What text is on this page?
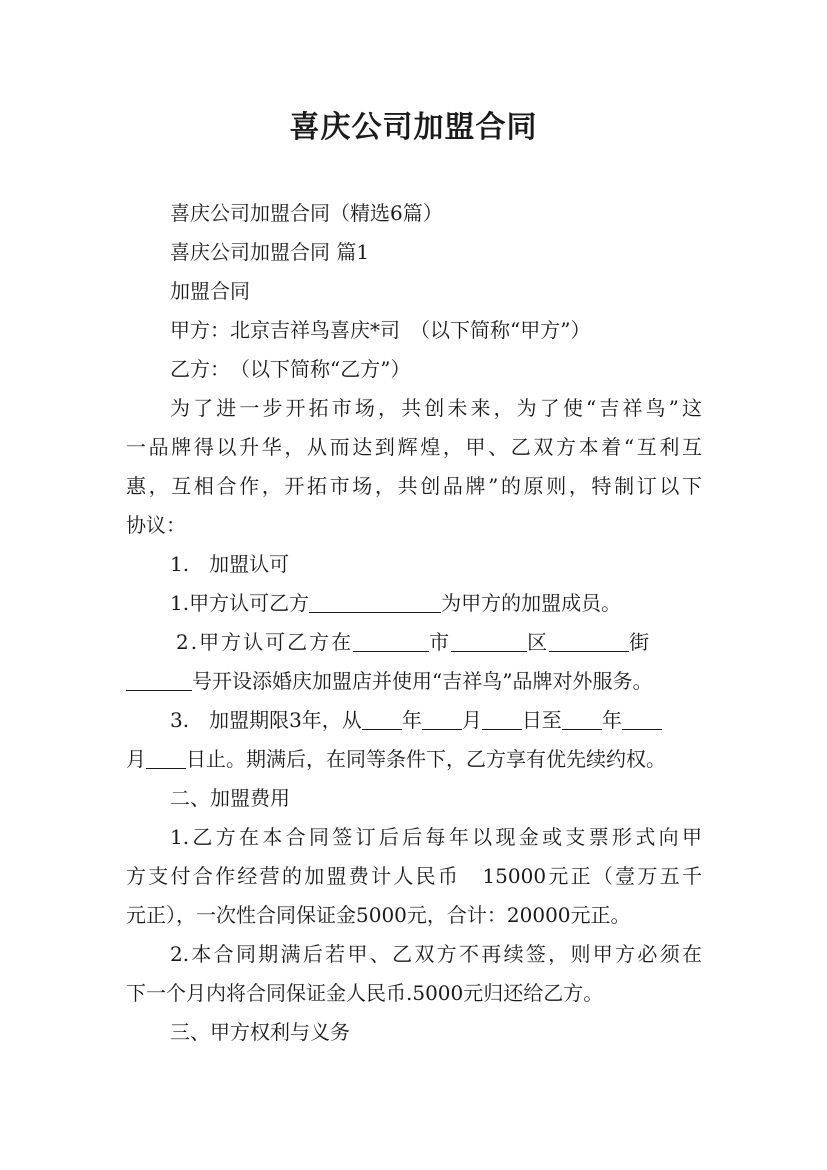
喜庆公司加盟合同
喜庆公司加盟合同（精选6篇）
喜庆公司加盟合同 篇1
加盟合同
甲方：北京吉祥鸟喜庆*司　（以下简称“甲方”）
乙方：　（以下简称“乙方”）
为了进一步开拓市场，共创未来，为了使“吉祥鸟”这
一品牌得以升华，从而达到辉煌，甲、乙双方本着“互利互
惠，互相合作，开拓市场，共创品牌”的原则，特制订以下
协议：
1.　加盟认可
1.甲方认可乙方	为甲方的加盟成员。
2.甲方认可乙方在	市	区	街
号开设添婚庆加盟店并使用“吉祥鸟”品牌对外服务。
3.　加盟期限3年，从 年 月 日至 年
月 日止。期满后，在同等条件下，乙方享有优先续约权。
二、加盟费用
1.乙方在本合同签订后后每年以现金或支票形式向甲
方支付合作经营的加盟费计人民币　15000元正（壹万五千
元正），一次性合同保证金5000元，合计：20000元正。
2.本合同期满后若甲、乙双方不再续签，则甲方必须在
下一个月内将合同保证金人民币.5000元归还给乙方。
三、甲方权利与义务
